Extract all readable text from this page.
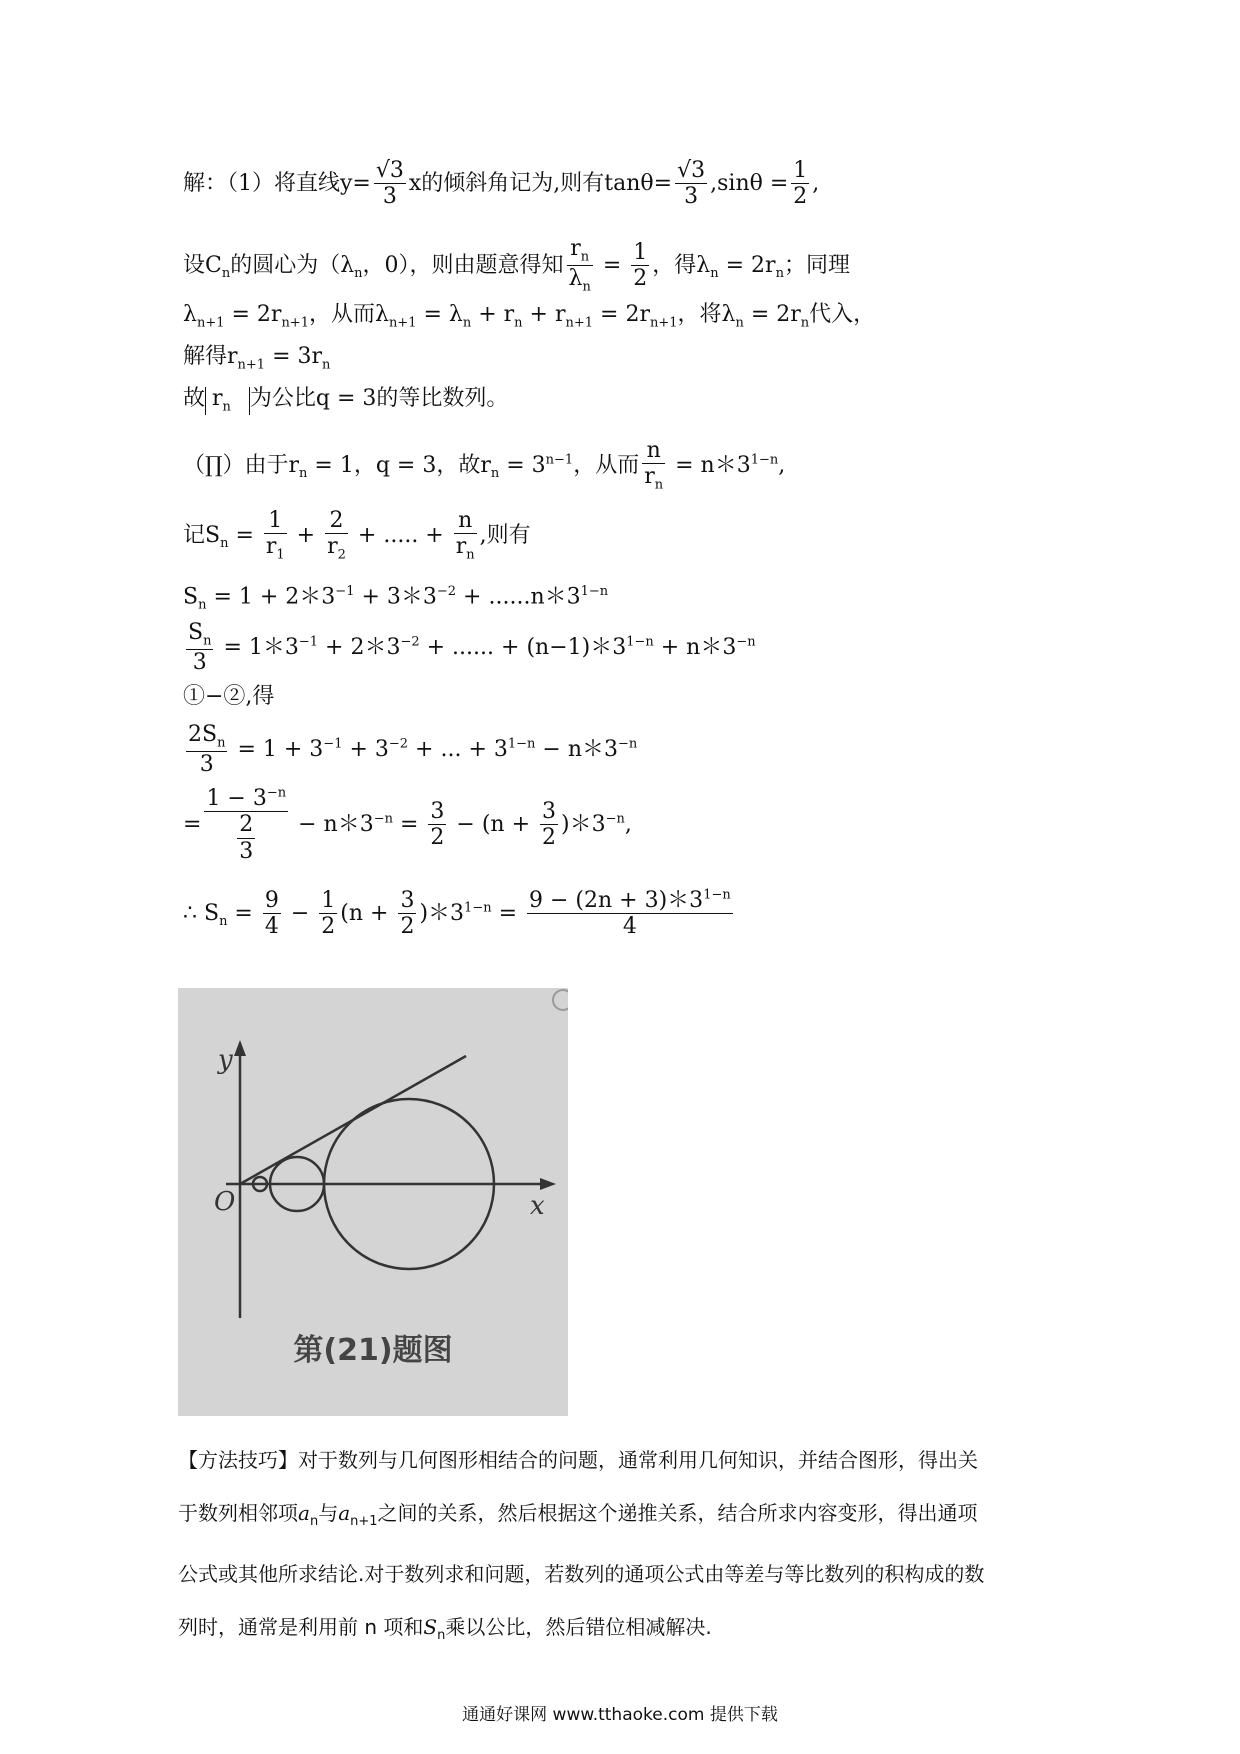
解：（1）将直线$y= \frac{√3}{3}$ x的倾斜角记为,则有$\tan\theta= \frac{√3}{3} ,\sin\theta = \frac{1}{2}$ ,
设$C_n$的圆心为（$\lambda_n$，0），则由题意得知 $\frac{r_n}{\lambda_n} = \frac{1}{2}$ ，得$\lambda_n = 2r_n$；同理
$\lambda_{n+1} = 2r_{n+1}$，从而$\lambda_{n+1} = \lambda_n + r_n + r_{n+1} = 2r_{n+1}$，将$\lambda_n = 2r_n$代入，
解得$r_{n+1} = 3r_n$
故 $r_n$ 为公比q = 3的等比数列。
（∏）由于$r_n = 1$，q = 3，故$r_n = 3^{n-1}$，从而 $\frac{n}{r_n}$ = $n*3^{1-n}$,
记$S_n = \frac{1}{r_1} + \frac{2}{r_2}$ + ..... + $\frac{n}{r_n}$ ,则有
$S_n = 1$ + $2*3^{-1}$ + $3*3^{-2}$ + $......n*3^{1-n}$
$\frac{S_n}{3}$ = $1*3^{-1}$ + $2*3^{-2}$ + ...... + $(n-1)*3^{1-n}$ + $n*3^{-n}$
①−②,得
$\frac{2S_n}{3} = 1 + 3^{-1} + 3^{-2}$ + ... + $3^{1-n}$ − $n*3^{-n}$
= $\frac{1 - 3^{-n}}{\frac{2}{3}}$ − $n*3^{-n} = \frac{3}{2} - (n + \frac{3}{2}$ )$*3^{-n}$,
∴ $S_n = \frac{9}{4} - \frac{1}{2} (n + \frac{3}{2}$ )$*3^{1-n} = \frac{9 - (2n + 3)*3^{1-n}}{4}$
y
x
O
第(21)题图
【方法技巧】对于数列与几何图形相结合的问题，通常利用几何知识，并结合图形，得出关
于数列相邻项$a_n$与$a_{n+1}$之间的关系，然后根据这个递推关系，结合所求内容变形，得出通项
公式或其他所求结论.对于数列求和问题，若数列的通项公式由等差与等比数列的积构成的数
列时，通常是利用前 n 项和$S_n$乘以公比，然后错位相减解决.
通通好课网 www.tthaoke.com 提供下载
